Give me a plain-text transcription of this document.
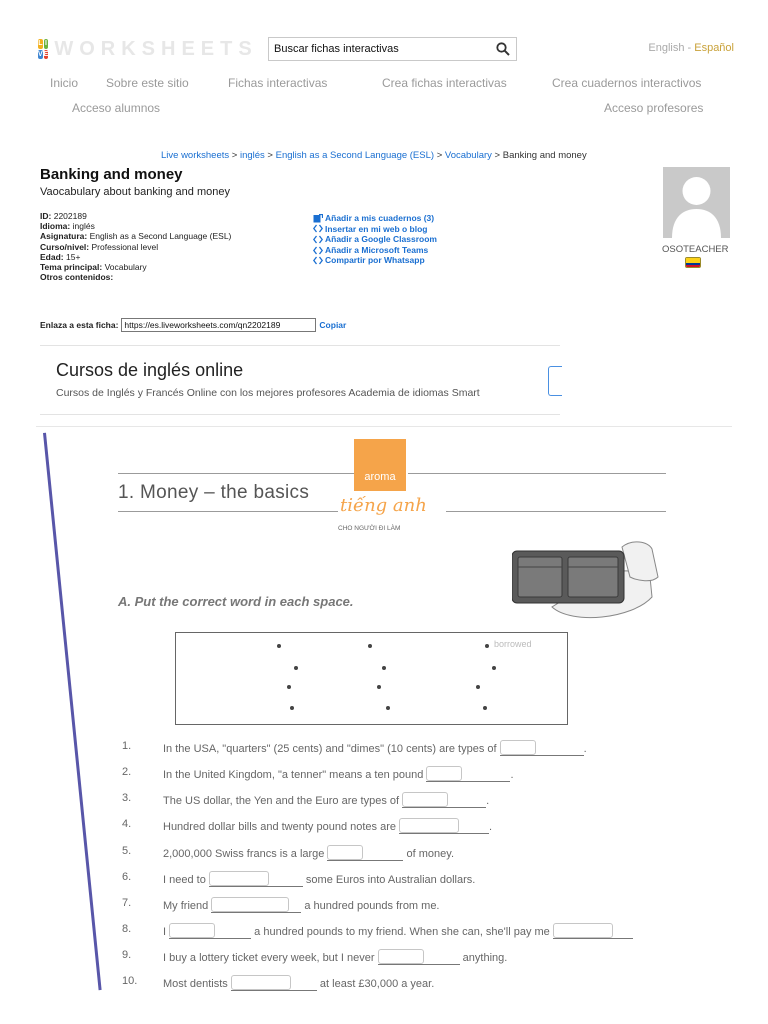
L I
V E WORKSHEETS Buscar fichas interactivas	English - Español
Inicio Sobre este sitio	Fichas interactivas	Crea fichas interactivas	Crea cuadernos interactivos
Acceso alumnos	Acceso profesores
Live worksheets > inglés > English as a Second Language (ESL) > Vocabulary > Banking and money
Banking and money
Vaocabulary about banking and money
ID: 2202189
Idioma: inglés
Asignatura: English as a Second Language (ESL)
Curso/nivel: Professional level
Edad: 15+
Tema principal: Vocabulary
Otros contenidos:
Añadir a mis cuadernos (3)
Insertar en mi web o blog
Añadir a Google Classroom
Añadir a Microsoft Teams
Compartir por Whatsapp
OSOTEACHER
Enlaza a esta ficha:
https://es.liveworksheets.com/qn2202189	Copiar
Cursos de inglés online
Cursos de Inglés y Francés Online con los mejores profesores Academia de idiomas Smart
1. Money – the basics
aroma
tiếng anh
CHO NGƯỜI ĐI LÀM
A. Put the correct word in each space.
borrowed
1.	In the USA, "quarters" (25 cents) and "dimes" (10 cents) are types of	.
2.	In the United Kingdom, "a tenner" means a ten pound	.
3.	The US dollar, the Yen and the Euro are types of	.
4.	Hundred dollar bills and twenty pound notes are	.
5.	2,000,000 Swiss francs is a large	of money.
6.	I need to	some Euros into Australian dollars.
7.	My friend	a hundred pounds from me.
8.	I	a hundred pounds to my friend. When she can, she'll pay me
9.	I buy a lottery ticket every week, but I never	anything.
10. Most dentists	at least £30,000 a year.
